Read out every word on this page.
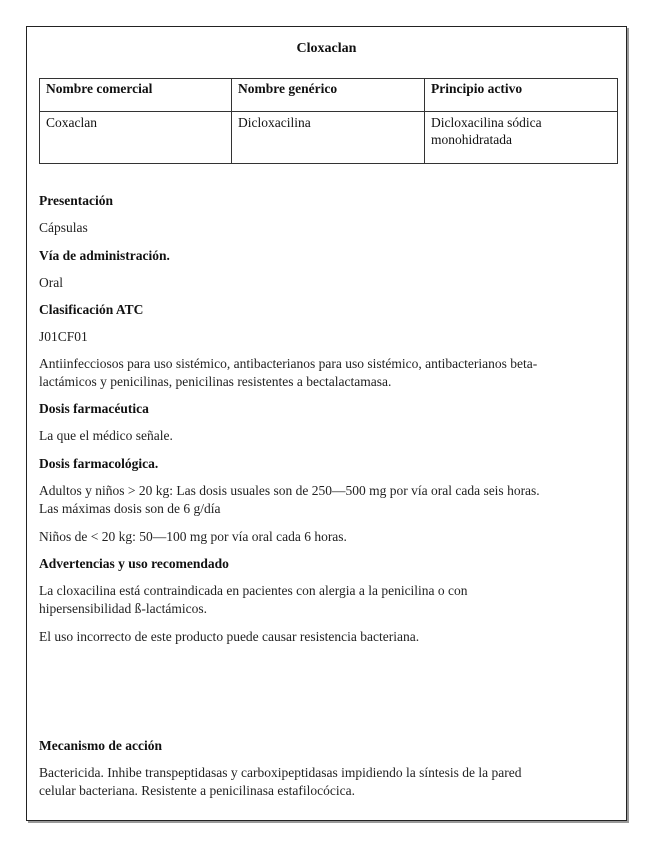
Cloxaclan
Nombre comercial	Nombre genérico	Principio activo
Coxaclan	Dicloxacilina	Dicloxacilina sódica
monohidratada
Presentación
Cápsulas
Vía de administración.
Oral
Clasificación ATC
J01CF01
Antiinfecciosos para uso sistémico, antibacterianos para uso sistémico, antibacterianos beta-
lactámicos y penicilinas, penicilinas resistentes a bectalactamasa.
Dosis farmacéutica
La que el médico señale.
Dosis farmacológica.
Adultos y niños > 20 kg: Las dosis usuales son de 250—500 mg por vía oral cada seis horas.
Las máximas dosis son de 6 g/día
Niños de < 20 kg: 50—100 mg por vía oral cada 6 horas.
Advertencias y uso recomendado
La cloxacilina está contraindicada en pacientes con alergia a la penicilina o con
hipersensibilidad ß-lactámicos.
El uso incorrecto de este producto puede causar resistencia bacteriana.
Mecanismo de acción
Bactericida. Inhibe transpeptidasas y carboxipeptidasas impidiendo la síntesis de la pared
celular bacteriana. Resistente a penicilinasa estafilocócica.
